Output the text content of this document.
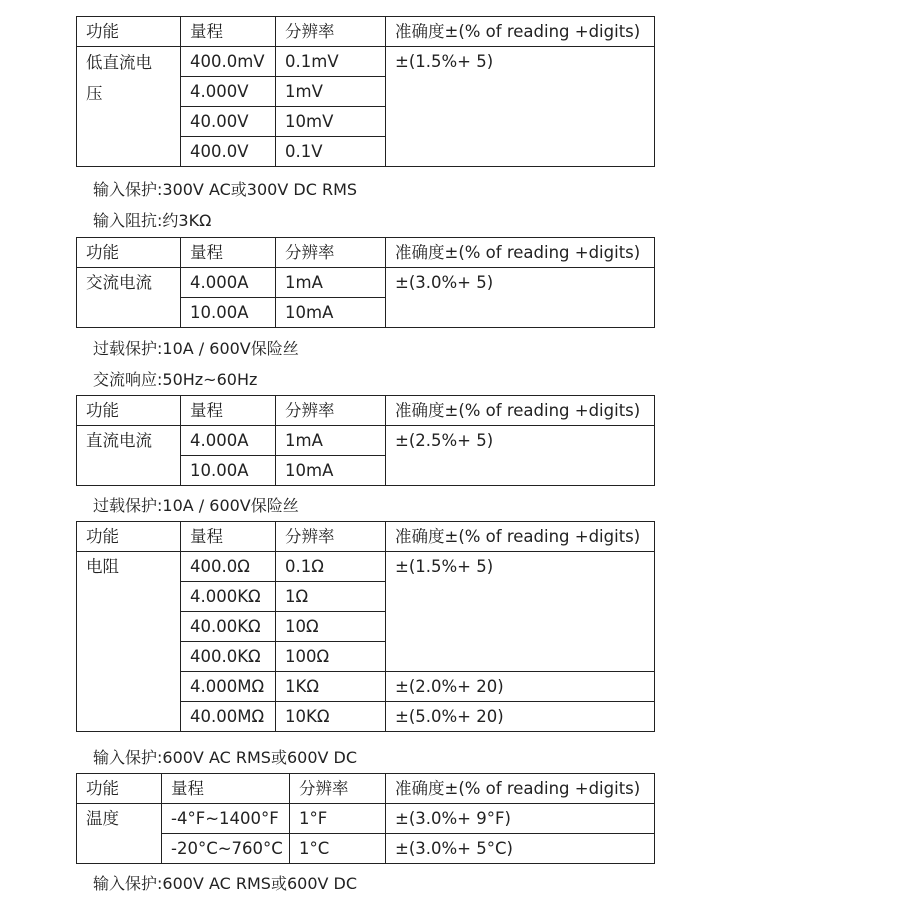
功能	量程	分辨率	准确度±(% of reading +digits)
低直流电压	400.0mV	0.1mV	±(1.5%+ 5)
	4.000V	1mV	
	40.00V	10mV	
	400.0V	0.1V	
输入保护:300V AC或300V DC RMS
输入阻抗:约3KΩ
功能	量程	分辨率	准确度±(% of reading +digits)
交流电流	4.000A	1mA	±(3.0%+ 5)
	10.00A	10mA	
过载保护:10A / 600V保险丝
交流响应:50Hz~60Hz
功能	量程	分辨率	准确度±(% of reading +digits)
直流电流	4.000A	1mA	±(2.5%+ 5)
	10.00A	10mA	
过载保护:10A / 600V保险丝
功能	量程	分辨率	准确度±(% of reading +digits)
电阻	400.0Ω	0.1Ω	±(1.5%+ 5)
	4.000KΩ	1Ω	
	40.00KΩ	10Ω	
	400.0KΩ	100Ω	
	4.000MΩ	1KΩ	±(2.0%+ 20)
	40.00MΩ	10KΩ	±(5.0%+ 20)
输入保护:600V AC RMS或600V DC
功能	量程	分辨率	准确度±(% of reading +digits)
温度	-4°F~1400°F	1°F	±(3.0%+ 9°F)
	-20°C~760°C	1°C	±(3.0%+ 5°C)
输入保护:600V AC RMS或600V DC
